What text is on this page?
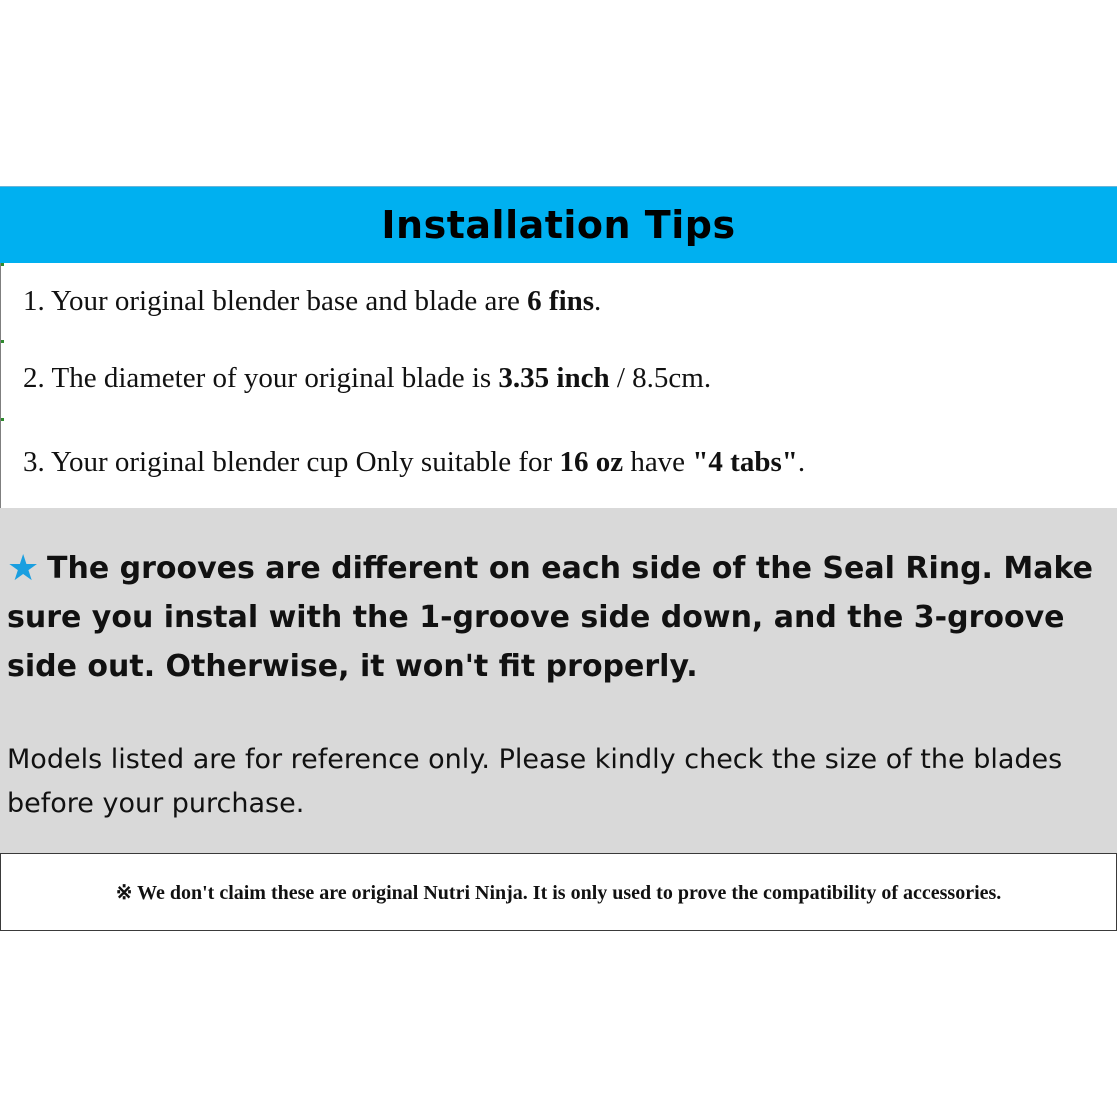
Installation Tips
1. Your original blender base and blade are 6 fins.
2. The diameter of your original blade is 3.35 inch / 8.5cm.
3. Your original blender cup Only suitable for 16 oz have "4 tabs".
★ The grooves are different on each side of the Seal Ring. Make sure you instal with the 1-groove side down, and the 3-groove side out. Otherwise, it won't fit properly.
Models listed are for reference only. Please kindly check the size of the blades before your purchase.
※ We don't claim these are original Nutri Ninja. It is only used to prove the compatibility of accessories.
